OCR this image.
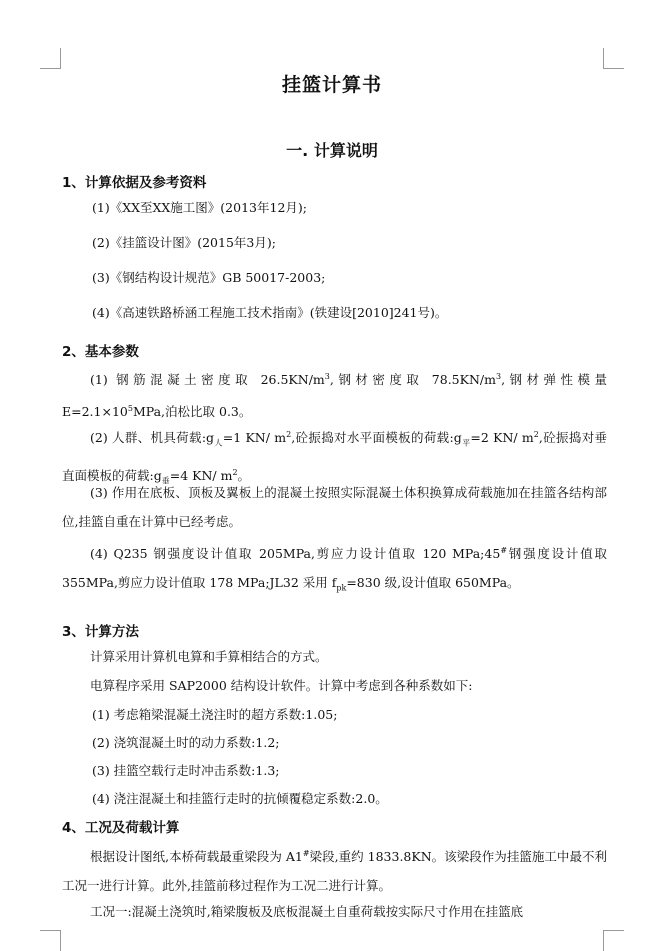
挂篮计算书
一. 计算说明
1、计算依据及参考资料
(1)《XX至XX施工图》(2013年12月);
(2)《挂篮设计图》(2015年3月);
(3)《钢结构设计规范》GB 50017-2003;
(4)《高速铁路桥涵工程施工技术指南》(铁建设[2010]241号)。
2、基本参数
(1) 钢筋混凝土密度取 $26.5KN/m^3$,钢材密度取 $78.5KN/m^3$,钢材弹性模量 $E=2.1\times 10^5MPa$,泊松比取 0.3。
(2) 人群、机具荷载$:g_人=1$ KN/ $m^2$,砼振捣对水平面模板的荷载$:g_平=2$ KN/ $m^2$,砼振捣对垂直面模板的荷载$:g_垂=4$ KN/ $m^2$。
(3) 作用在底板、顶板及翼板上的混凝土按照实际混凝土体积换算成荷载施加在挂篮各结构部位,挂篮自重在计算中已经考虑。
(4) Q235 钢强度设计值取 205MPa,剪应力设计值取 120 MPa;45#钢强度设计值取 355MPa,剪应力设计值取 178 MPa;JL32 采用 $f_{pk}=830$ 级,设计值取 650MPa。
3、计算方法
计算采用计算机电算和手算相结合的方式。
电算程序采用 SAP2000 结构设计软件。计算中考虑到各种系数如下:
(1) 考虑箱梁混凝土浇注时的超方系数:1.05;
(2) 浇筑混凝土时的动力系数:1.2;
(3) 挂篮空载行走时冲击系数:1.3;
(4) 浇注混凝土和挂篮行走时的抗倾覆稳定系数:2.0。
4、工况及荷载计算
根据设计图纸,本桥荷载最重梁段为 A1#梁段,重约 1833.8KN。该梁段作为挂篮施工中最不利工况一进行计算。此外,挂篮前移过程作为工况二进行计算。
工况一:混凝土浇筑时,箱梁腹板及底板混凝土自重荷载按实际尺寸作用在挂篮底
